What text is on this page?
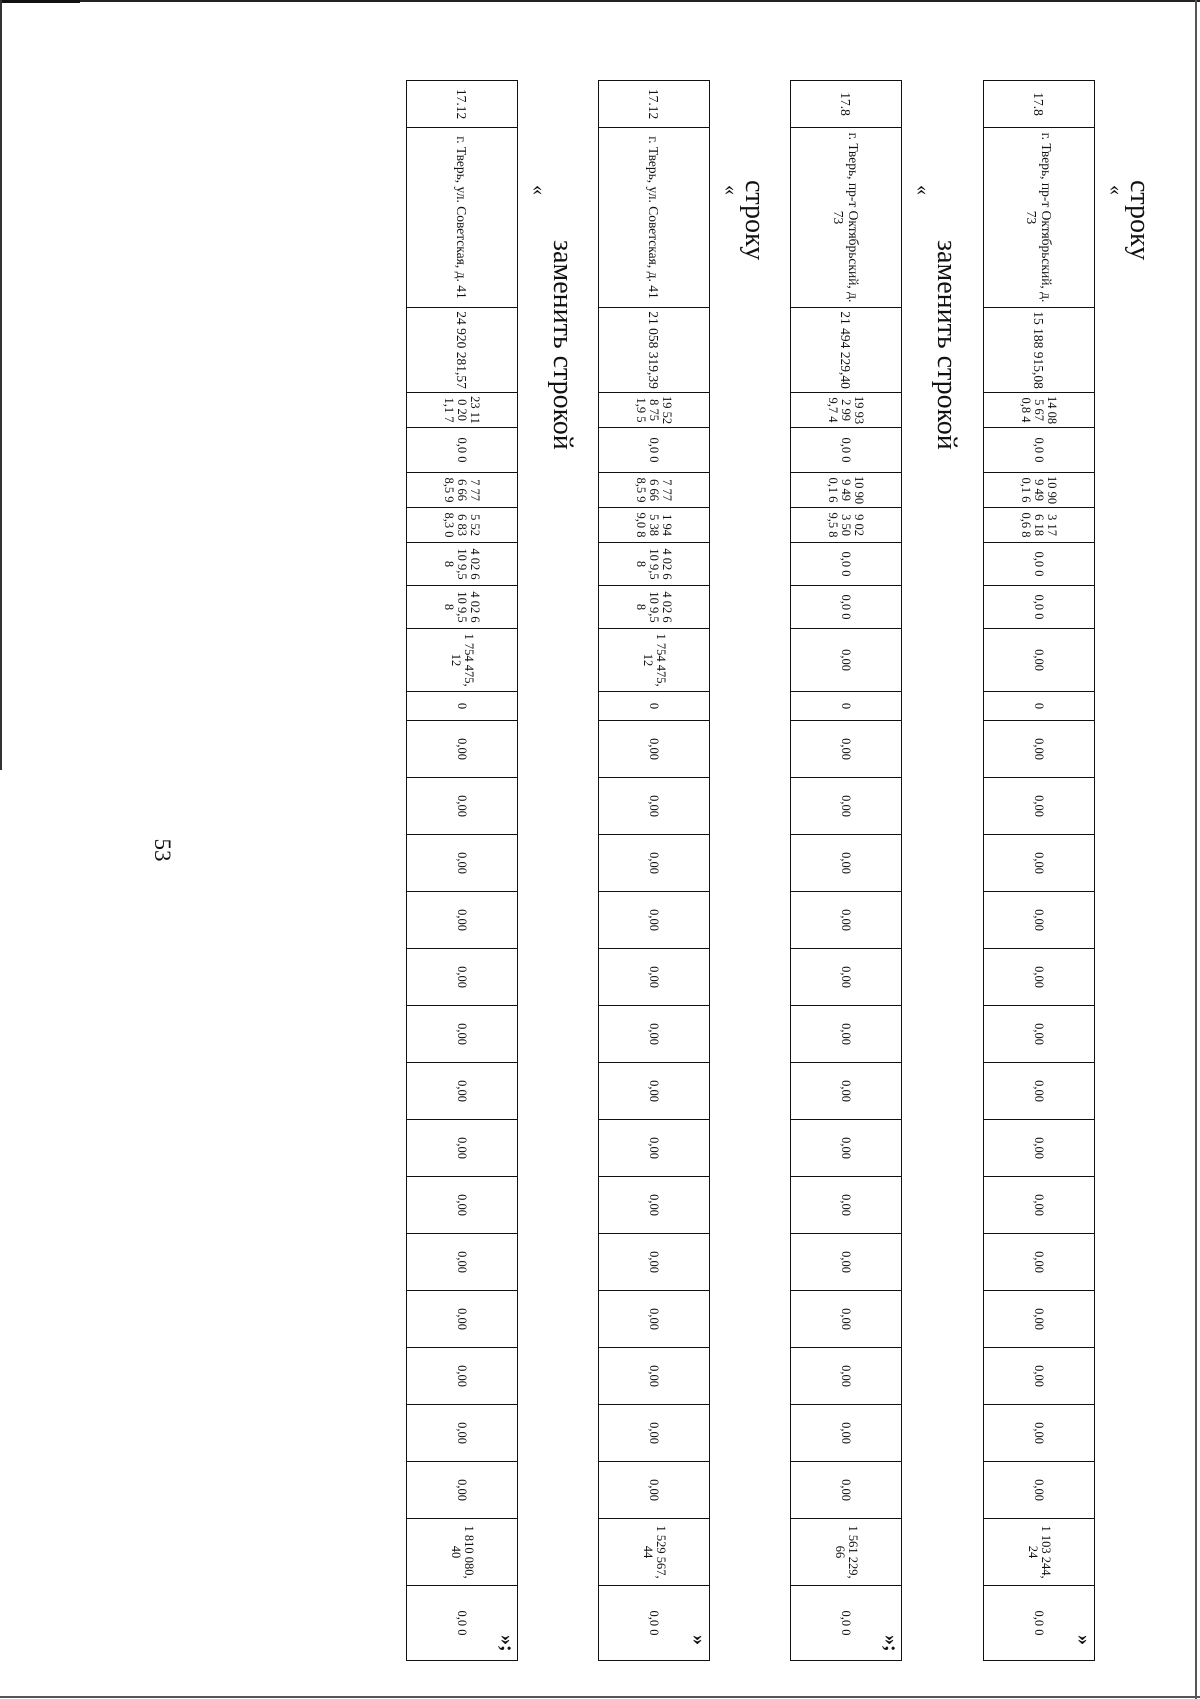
53
строку
«
17.8	г. Тверь, пр-т Октябрьский, д. 73	15 188 915,08	14 08 5 67 0,8 4	0,0 0	10 90 9 49 0,1 6	3 17 6 18 0,6 8	0,0 0	0,0 0	0,00	0	0,00	0,00	0,00	0,00	0,00	0,00	0,00	0,00	0,00	0,00	0,00	0,00	0,00	0,00	1 103 244, 24	0,0 0
»
заменить строкой
«
17.8	г. Тверь, пр-т Октябрьский, д. 73	21 494 229,40	19 93 2 99 9,7 4	0,0 0	10 90 9 49 0,1 6	9 02 3 50 9,5 8	0,0 0	0,0 0	0,00	0	0,00	0,00	0,00	0,00	0,00	0,00	0,00	0,00	0,00	0,00	0,00	0,00	0,00	0,00	1 561 229, 66	0,0 0
»;
строку
«
17.12	г. Тверь, ул. Советская, д. 41	21 058 319,39	19 52 8 75 1,9 5	0,0 0	7 77 6 66 8,5 9	1 94 5 38 9,0 8	4 02 6 10 9,5 8	4 02 6 10 9,5 8	1 754 475, 12	0	0,00	0,00	0,00	0,00	0,00	0,00	0,00	0,00	0,00	0,00	0,00	0,00	0,00	0,00	1 529 567, 44	0,0 0
»
заменить строкой
«
17.12	г. Тверь, ул. Советская, д. 41	24 920 281,57	23 11 0 20 1,1 7	0,0 0	7 77 6 66 8,5 9	5 52 6 83 8,3 0	4 02 6 10 9,5 8	4 02 6 10 9,5 8	1 754 475, 12	0	0,00	0,00	0,00	0,00	0,00	0,00	0,00	0,00	0,00	0,00	0,00	0,00	0,00	0,00	1 810 080, 40	0,0 0
»;
